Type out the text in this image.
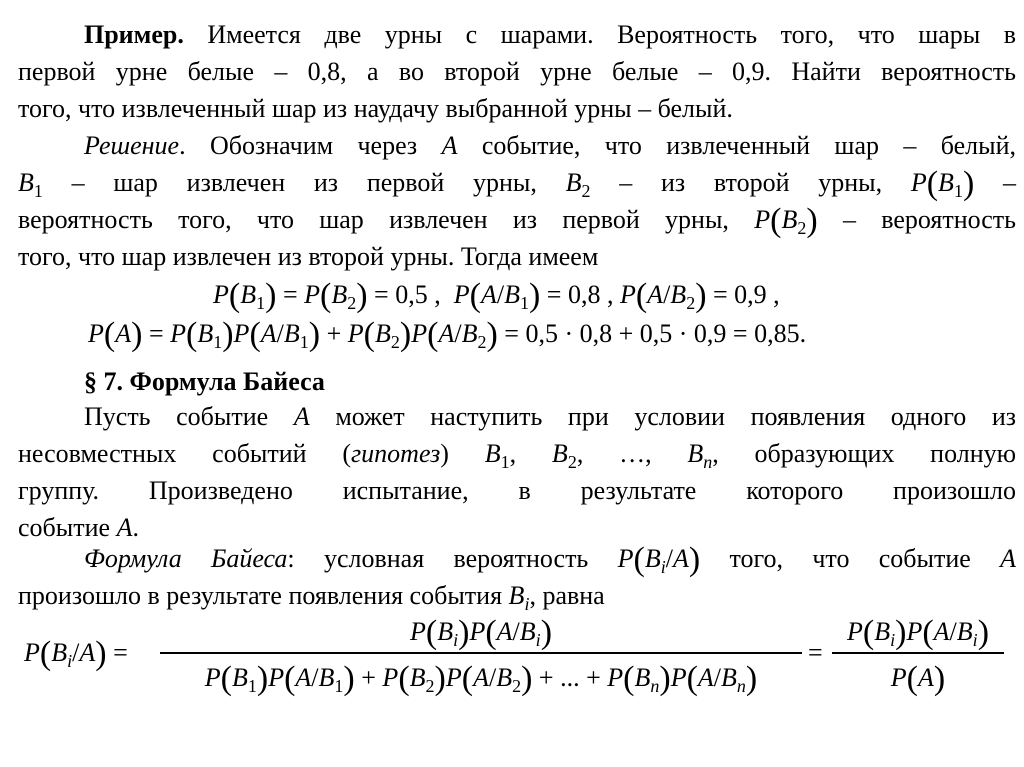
Пример. Имеется две урны с шарами. Вероятность того, что шары в
первой урне белые – 0,8, а во второй урне белые – 0,9. Найти вероятность
того, что извлеченный шар из наудачу выбранной урны – белый.
Решение. Обозначим через A событие, что извлеченный шар – белый,
$B_1$ – шар извлечен из первой урны, $B_2$ – из второй урны, $P(B_1)$ –
вероятность того, что шар извлечен из первой урны, $P(B_2)$ – вероятность
того, что шар извлечен из второй урны. Тогда имеем
$P(B_1) = P(B_2) = 0,5$ , $P(A/B_1) = 0,8$ , $P(A/B_2) = 0,9$ ,
$P(A) = P(B_1)P(A/B_1) + P(B_2)P(A/B_2) = 0,5 \cdot 0,8 + 0,5 \cdot 0,9 = 0,85$.
§ 7. Формула Байеса
Пусть событие A может наступить при условии появления одного из
несовместных событий (гипотез) $B_1$, $B_2$, …, $B_n$, образующих полную
группу. Произведено испытание, в результате которого произошло
событие A.
Формула Байеса: условная вероятность $P(B_i/A)$ того, что событие A
произошло в результате появления события $B_i$, равна
$P(B_i/A)$ =
$P(B_i)P(A/B_i)$
$P(B_1)P(A/B_1) + P(B_2)P(A/B_2)$ + ... + $P(B_n)P(A/B_n)$
=
$P(B_i)P(A/B_i)$
P(A)
